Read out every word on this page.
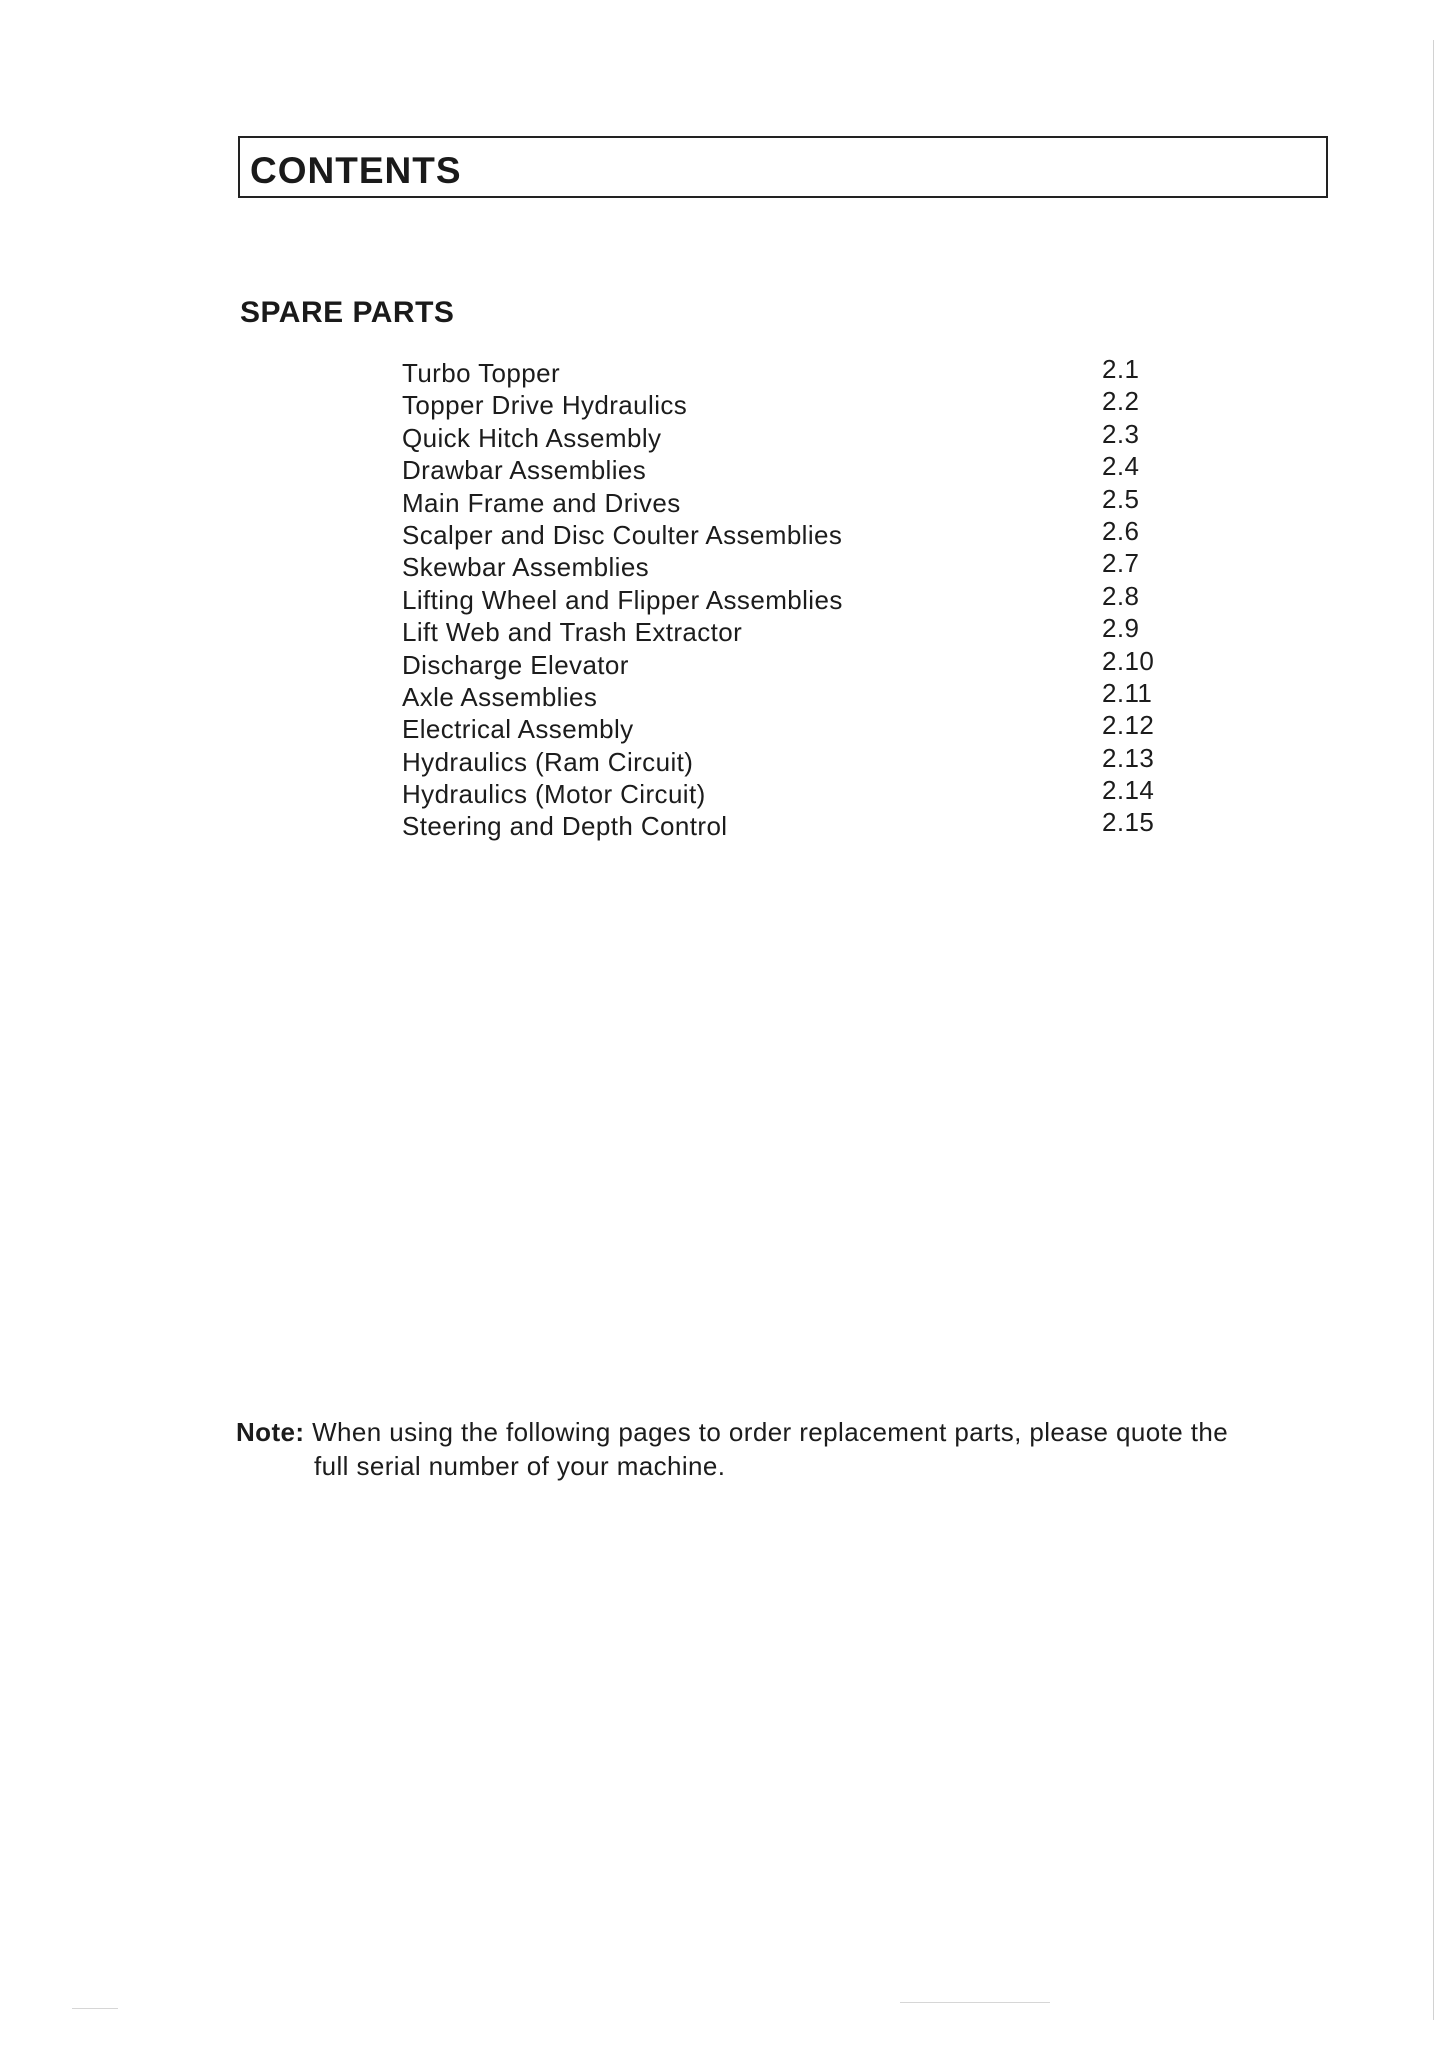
CONTENTS
SPARE PARTS
Turbo Topper	2.1
Topper Drive Hydraulics	2.2
Quick Hitch Assembly	2.3
Drawbar Assemblies	2.4
Main Frame and Drives	2.5
Scalper and Disc Coulter Assemblies	2.6
Skewbar Assemblies	2.7
Lifting Wheel and Flipper Assemblies	2.8
Lift Web and Trash Extractor	2.9
Discharge Elevator	2.10
Axle Assemblies	2.11
Electrical Assembly	2.12
Hydraulics (Ram Circuit)	2.13
Hydraulics (Motor Circuit)	2.14
Steering and Depth Control	2.15
Note: When using the following pages to order replacement parts, please quote the
full serial number of your machine.
